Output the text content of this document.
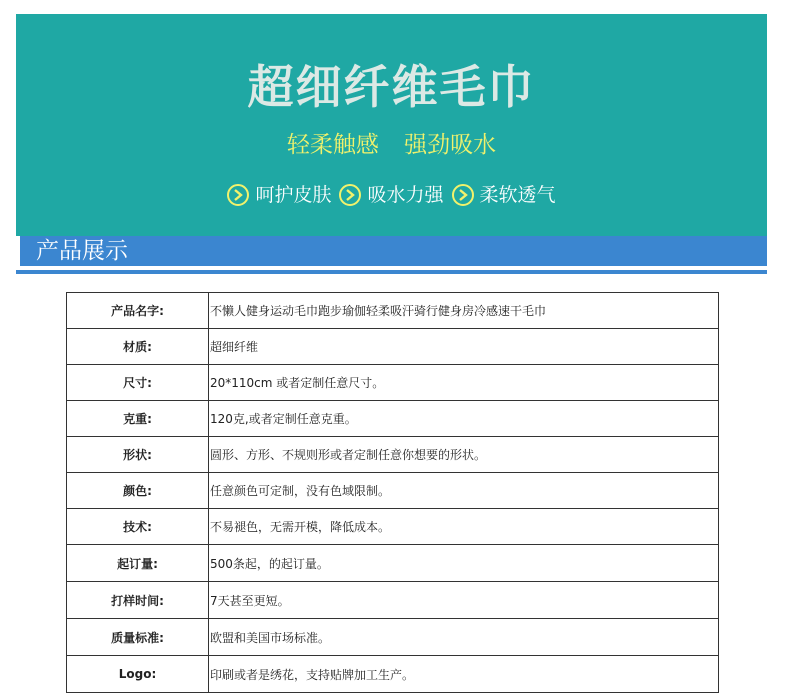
超细纤维毛巾
轻柔触感 强劲吸水
呵护皮肤 吸水力强 柔软透气
产品展示
产品名字:	不懒人健身运动毛巾跑步瑜伽轻柔吸汗骑行健身房冷感速干毛巾
材质:	超细纤维
尺寸:	20*110cm 或者定制任意尺寸。
克重:	120克,或者定制任意克重。
形状:	圆形、方形、不规则形或者定制任意你想要的形状。
颜色:	任意颜色可定制，没有色域限制。
技术:	不易褪色，无需开模，降低成本。
起订量:	500条起，的起订量。
打样时间:	7天甚至更短。
质量标准:	欧盟和美国市场标准。
Logo:	印刷或者是绣花，支持贴牌加工生产。
